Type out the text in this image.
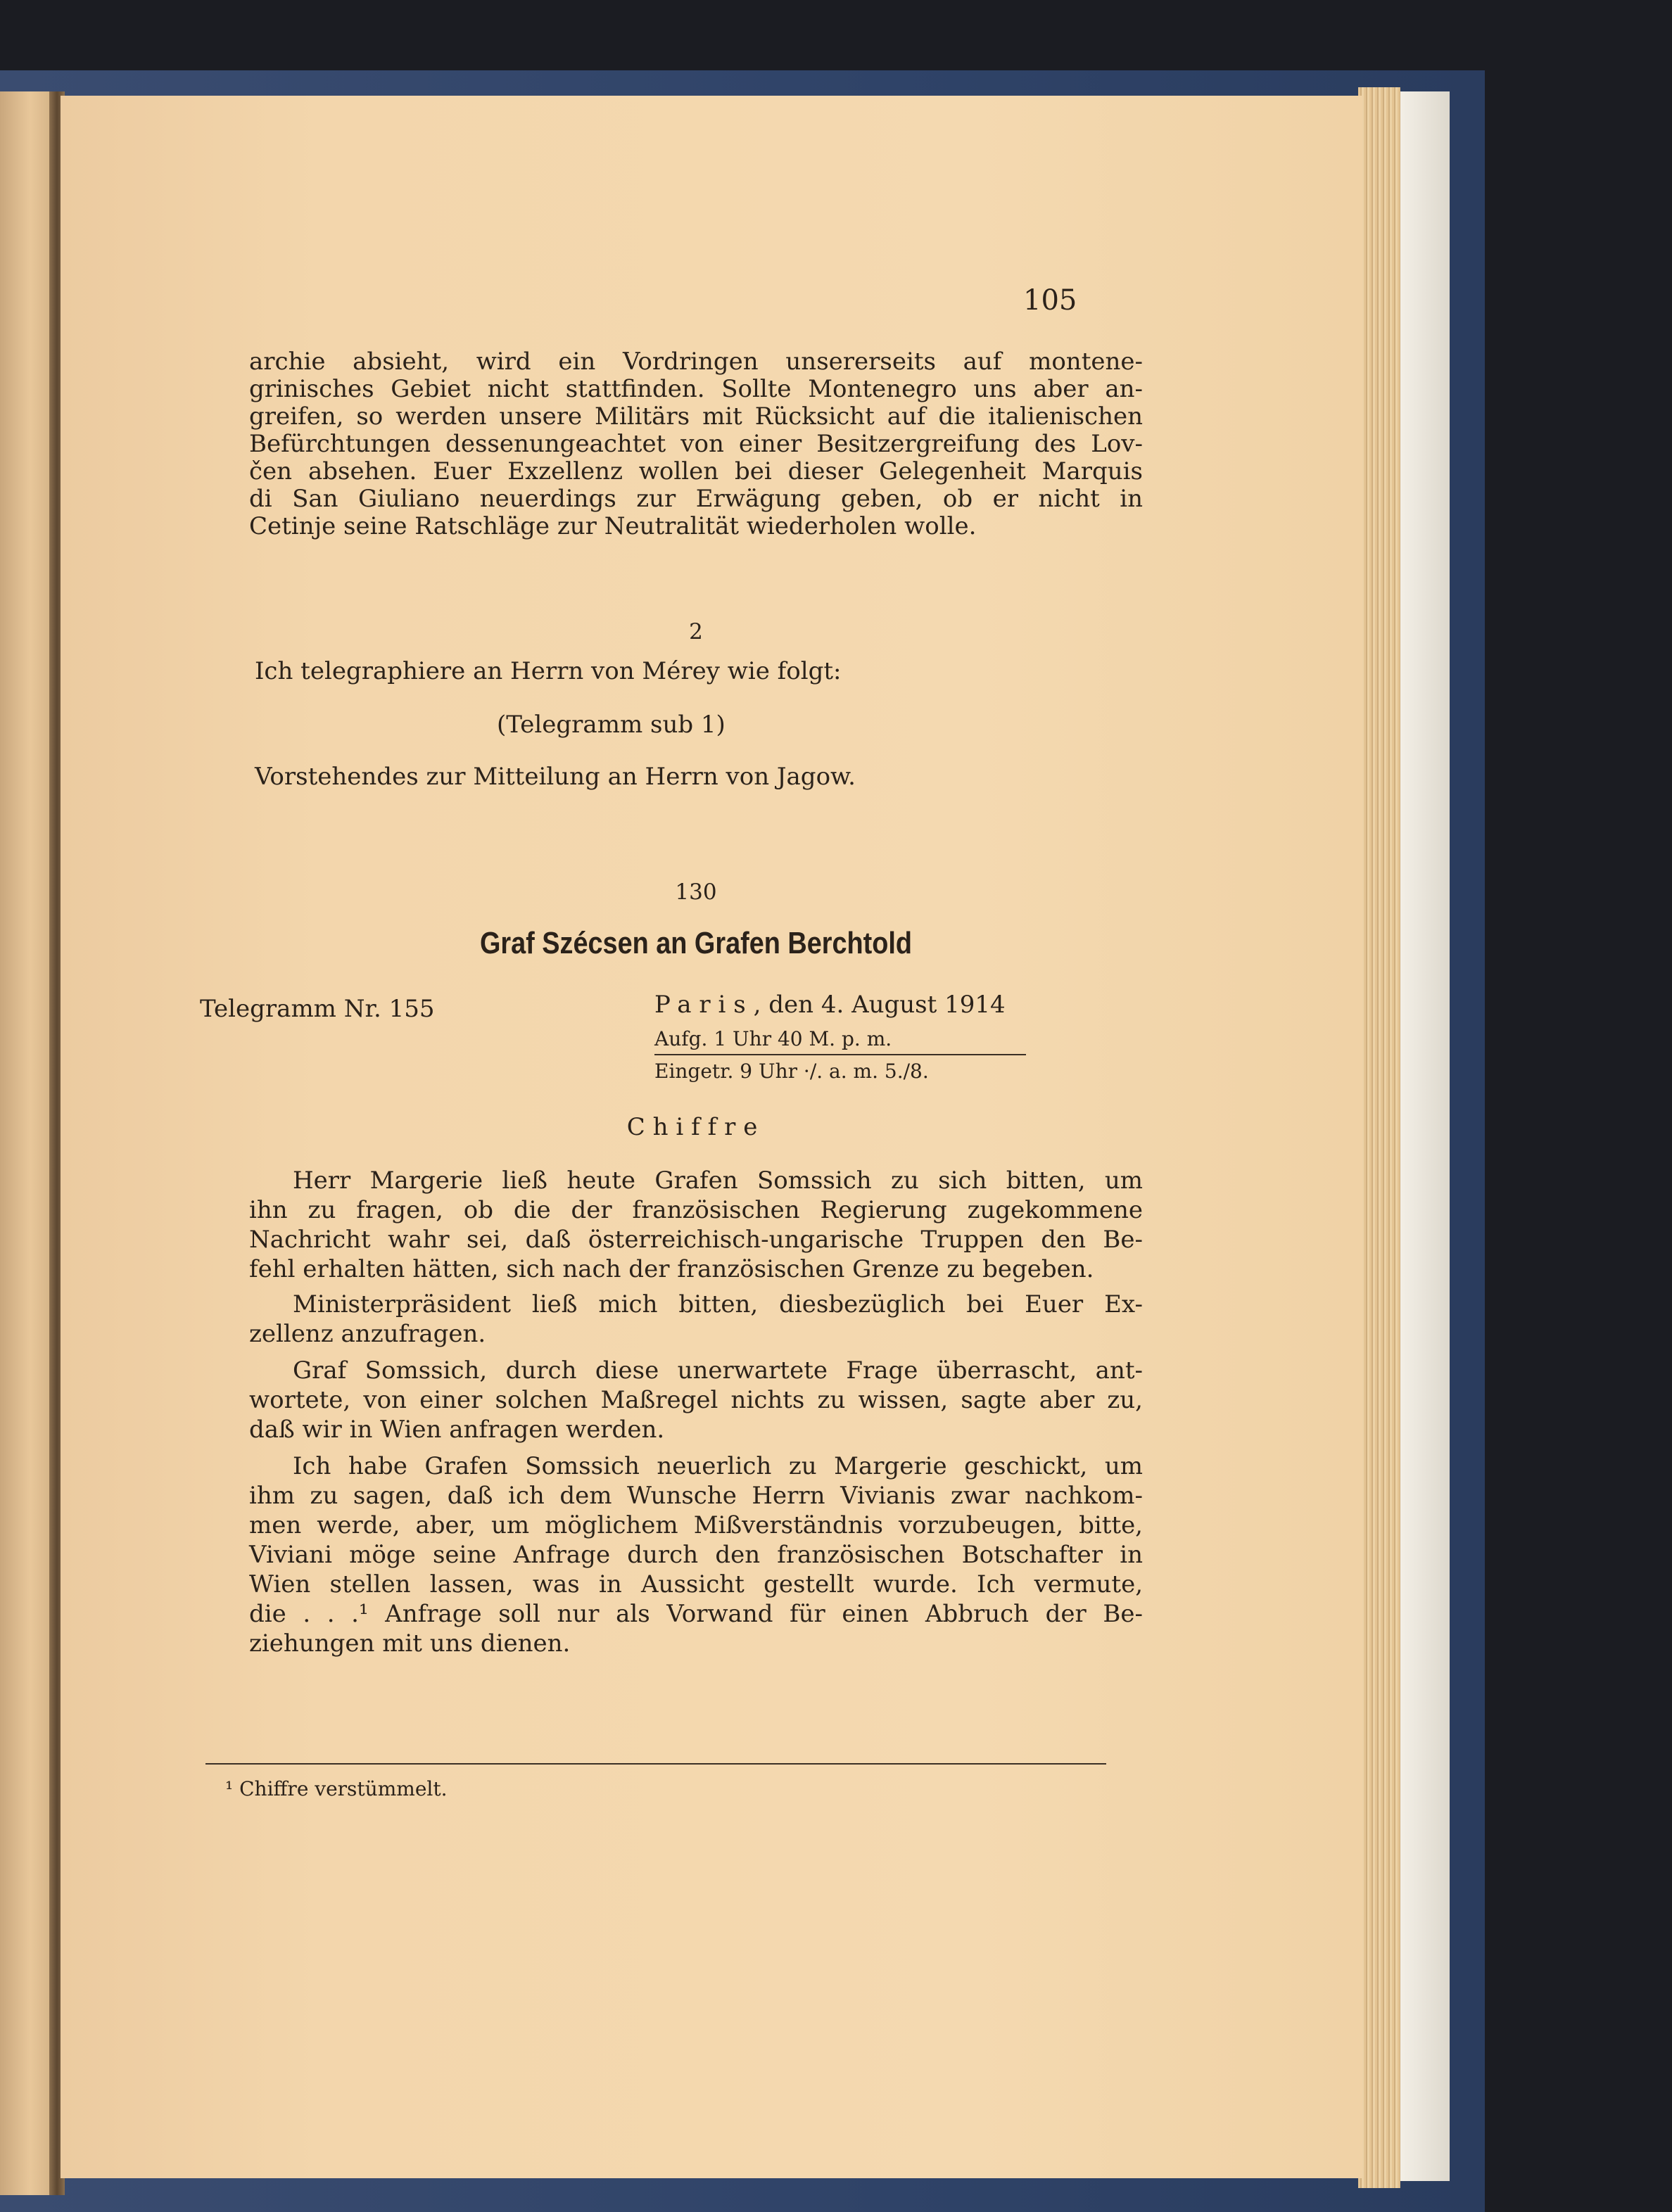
105
archie absieht, wird ein Vordringen unsererseits auf montene-
grinisches Gebiet nicht stattfinden. Sollte Montenegro uns aber an-
greifen, so werden unsere Militärs mit Rücksicht auf die italienischen
Befürchtungen dessenungeachtet von einer Besitzergreifung des Lov-
čen absehen. Euer Exzellenz wollen bei dieser Gelegenheit Marquis
di San Giuliano neuerdings zur Erwägung geben, ob er nicht in
Cetinje seine Ratschläge zur Neutralität wiederholen wolle.
2
Ich telegraphiere an Herrn von Mérey wie folgt:
(Telegramm sub 1)
Vorstehendes zur Mitteilung an Herrn von Jagow.
130
Graf Szécsen an Grafen Berchtold
Telegramm Nr. 155	Paris, den 4. August 1914
Aufg. 1 Uhr 40 M. p. m.
Eingetr. 9 Uhr ·/. a. m. 5./8.
Chiffre
Herr Margerie ließ heute Grafen Somssich zu sich bitten, um
ihn zu fragen, ob die der französischen Regierung zugekommene
Nachricht wahr sei, daß österreichisch-ungarische Truppen den Be-
fehl erhalten hätten, sich nach der französischen Grenze zu begeben.
Ministerpräsident ließ mich bitten, diesbezüglich bei Euer Ex-
zellenz anzufragen.
Graf Somssich, durch diese unerwartete Frage überrascht, ant-
wortete, von einer solchen Maßregel nichts zu wissen, sagte aber zu,
daß wir in Wien anfragen werden.
Ich habe Grafen Somssich neuerlich zu Margerie geschickt, um
ihm zu sagen, daß ich dem Wunsche Herrn Vivianis zwar nachkom-
men werde, aber, um möglichem Mißverständnis vorzubeugen, bitte,
Viviani möge seine Anfrage durch den französischen Botschafter in
Wien stellen lassen, was in Aussicht gestellt wurde. Ich vermute,
die . . .¹ Anfrage soll nur als Vorwand für einen Abbruch der Be-
ziehungen mit uns dienen.
¹ Chiffre verstümmelt.
